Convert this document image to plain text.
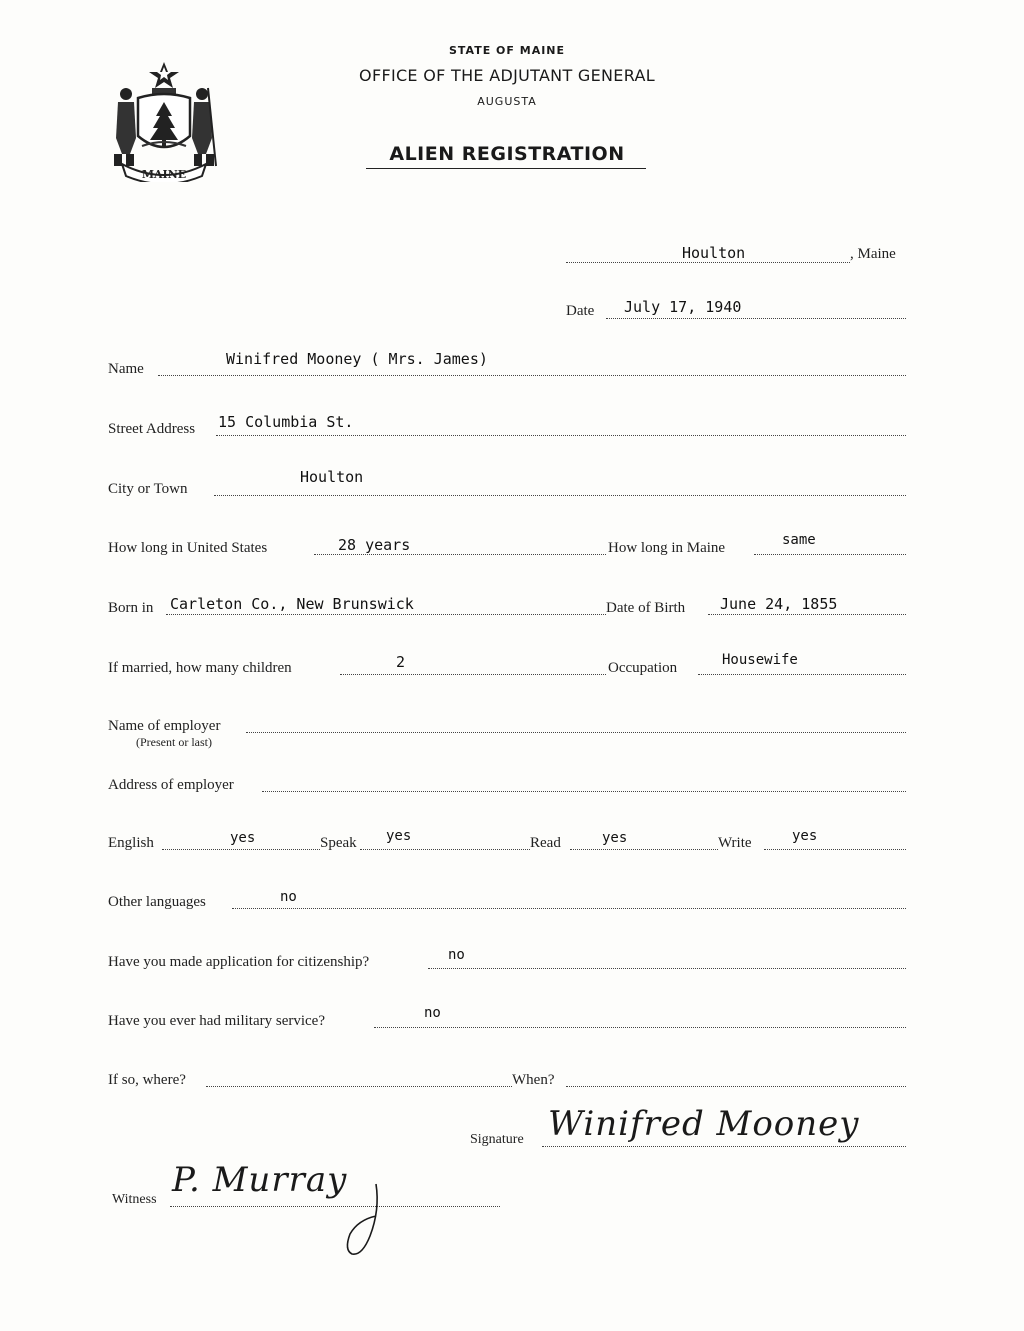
MAINE
STATE OF MAINE
OFFICE OF THE ADJUTANT GENERAL
AUGUSTA
ALIEN REGISTRATION
Houlton	, Maine
Date July 17, 1940
Name
Winifred Mooney ( Mrs. James)
Street Address 15 Columbia St.
City or Town
Houlton
How long in United States	28 years	How long in Maine	same
Born in Carleton Co., New Brunswick	Date of Birth June 24, 1855
If married, how many children	2	Occupation	Housewife
Name of employer
(Present or last)
Address of employer
English	yes	Speak yes	Read	yes	Write	yes
Other languages	no
Have you made application for citizenship?	no
Have you ever had military service?	no
If so, where?	When?
Signature Winifred Mooney
Witness P. Murray
